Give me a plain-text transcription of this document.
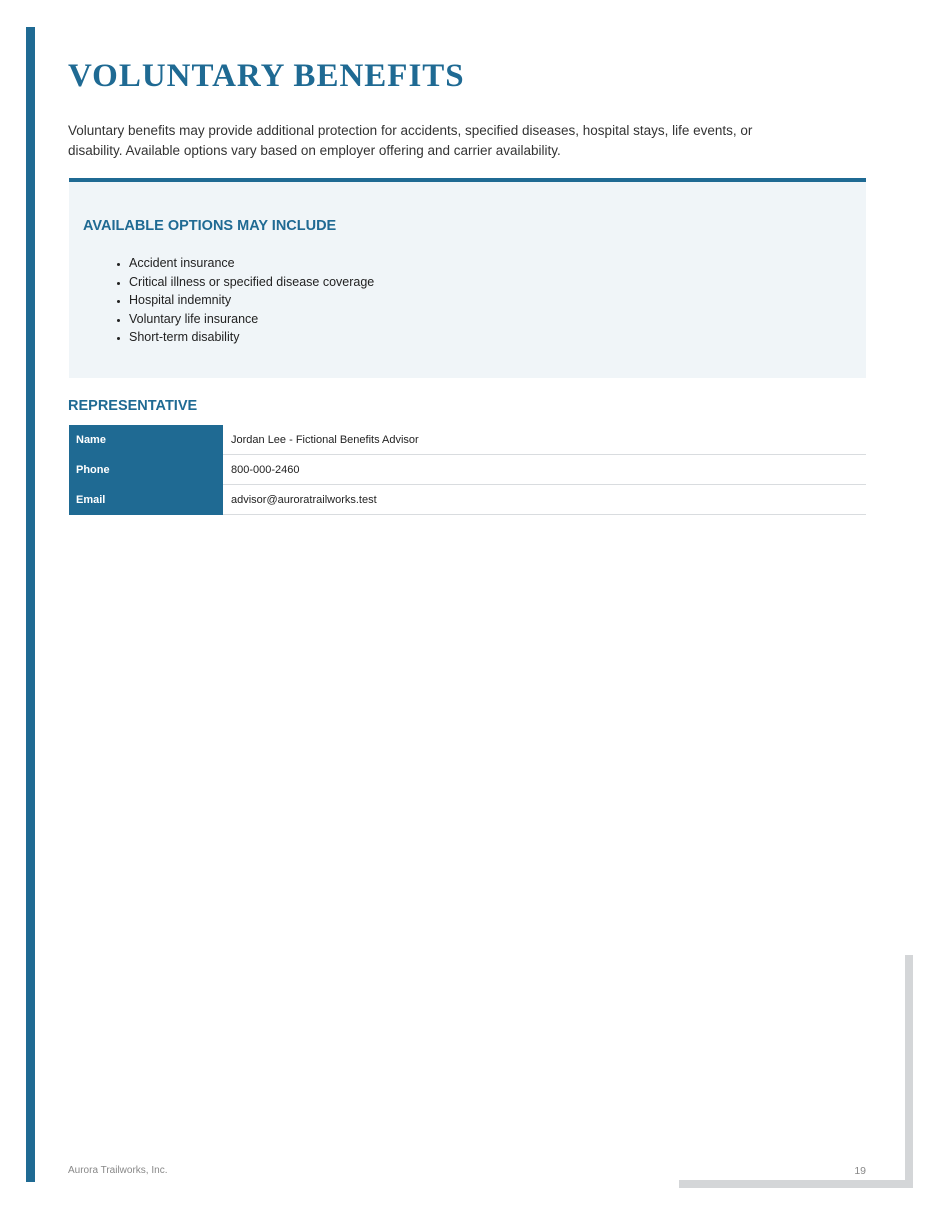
VOLUNTARY BENEFITS

Voluntary benefits may provide additional protection for accidents, specified diseases, hospital stays, life events, or disability. Available options vary based on employer offering and carrier availability.

AVAILABLE OPTIONS MAY INCLUDE
• Accident insurance
• Critical illness or specified disease coverage
• Hospital indemnity
• Voluntary life insurance
• Short-term disability
REPRESENTATIVE
Name	Jordan Lee - Fictional Benefits Advisor
Phone	800-000-2460
Email	advisor@auroratrailworks.test
Aurora Trailworks, Inc.	19
